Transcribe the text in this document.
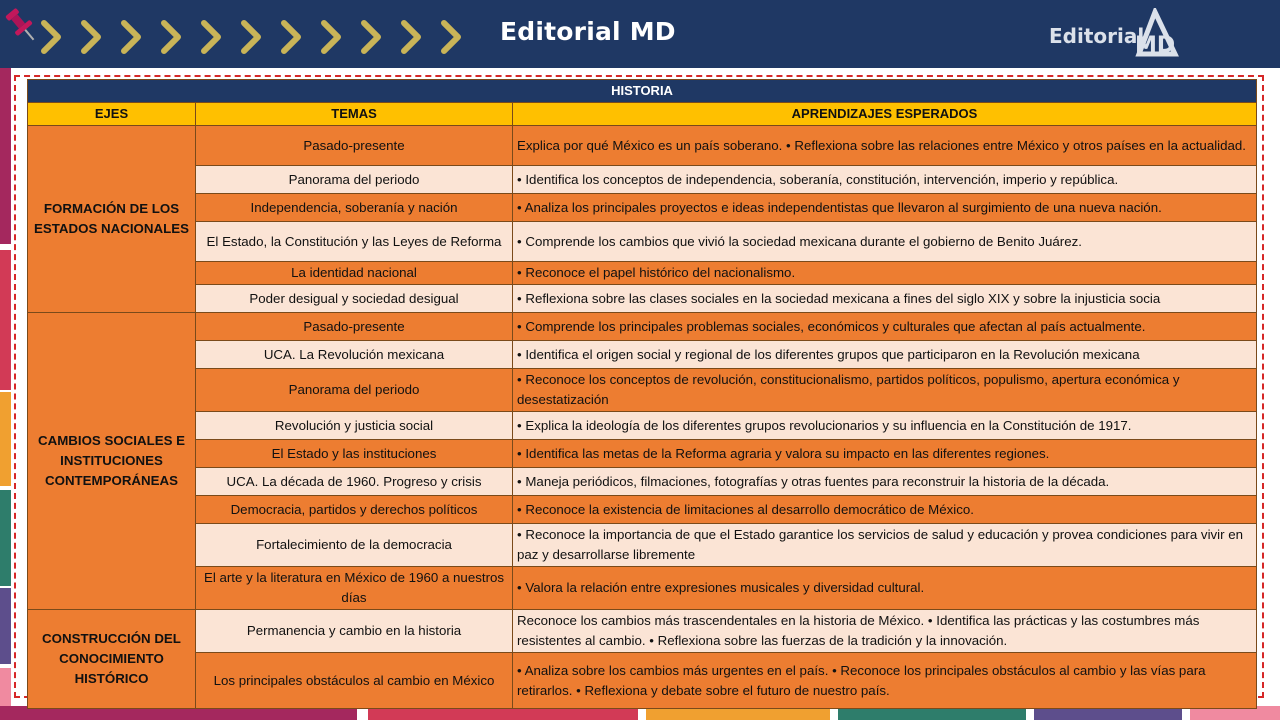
Editorial MD	Editorial
MD
HISTORIA		
EJES	TEMAS	APRENDIZAJES ESPERADOS
FORMACIÓN DE LOS ESTADOS NACIONALES	Pasado-presente	Explica por qué México es un país soberano. • Reflexiona sobre las relaciones entre México y otros países en la actualidad.
	Panorama del periodo	• Identifica los conceptos de independencia, soberanía, constitución, intervención, imperio y república.
	Independencia, soberanía y nación	• Analiza los principales proyectos e ideas independentistas que llevaron al surgimiento de una nueva nación.
	El Estado, la Constitución y las Leyes de Reforma	• Comprende los cambios que vivió la sociedad mexicana durante el gobierno de Benito Juárez.
	La identidad nacional	• Reconoce el papel histórico del nacionalismo.
	Poder desigual y sociedad desigual	• Reflexiona sobre las clases sociales en la sociedad mexicana a fines del siglo XIX y sobre la injusticia socia
CAMBIOS SOCIALES E INSTITUCIONES CONTEMPORÁNEAS	Pasado-presente	• Comprende los principales problemas sociales, económicos y culturales que afectan al país actualmente.
	UCA. La Revolución mexicana	• Identifica el origen social y regional de los diferentes grupos que participaron en la Revolución mexicana
	Panorama del periodo	• Reconoce los conceptos de revolución, constitucionalismo, partidos políticos, populismo, apertura económica y desestatización
	Revolución y justicia social	• Explica la ideología de los diferentes grupos revolucionarios y su influencia en la Constitución de 1917.
	El Estado y las instituciones	• Identifica las metas de la Reforma agraria y valora su impacto en las diferentes regiones.
	UCA. La década de 1960. Progreso y crisis	• Maneja periódicos, filmaciones, fotografías y otras fuentes para reconstruir la historia de la década.
	Democracia, partidos y derechos políticos	• Reconoce la existencia de limitaciones al desarrollo democrático de México.
	Fortalecimiento de la democracia	• Reconoce la importancia de que el Estado garantice los servicios de salud y educación y provea condiciones para vivir en paz y desarrollarse libremente
	El arte y la literatura en México de 1960 a nuestros días	• Valora la relación entre expresiones musicales y diversidad cultural.
CONSTRUCCIÓN DEL CONOCIMIENTO HISTÓRICO	Permanencia y cambio en la historia	Reconoce los cambios más trascendentales en la historia de México. • Identifica las prácticas y las costumbres más resistentes al cambio. • Reflexiona sobre las fuerzas de la tradición y la innovación.
	Los principales obstáculos al cambio en México	• Analiza sobre los cambios más urgentes en el país. • Reconoce los principales obstáculos al cambio y las vías para retirarlos. • Reflexiona y debate sobre el futuro de nuestro país.
